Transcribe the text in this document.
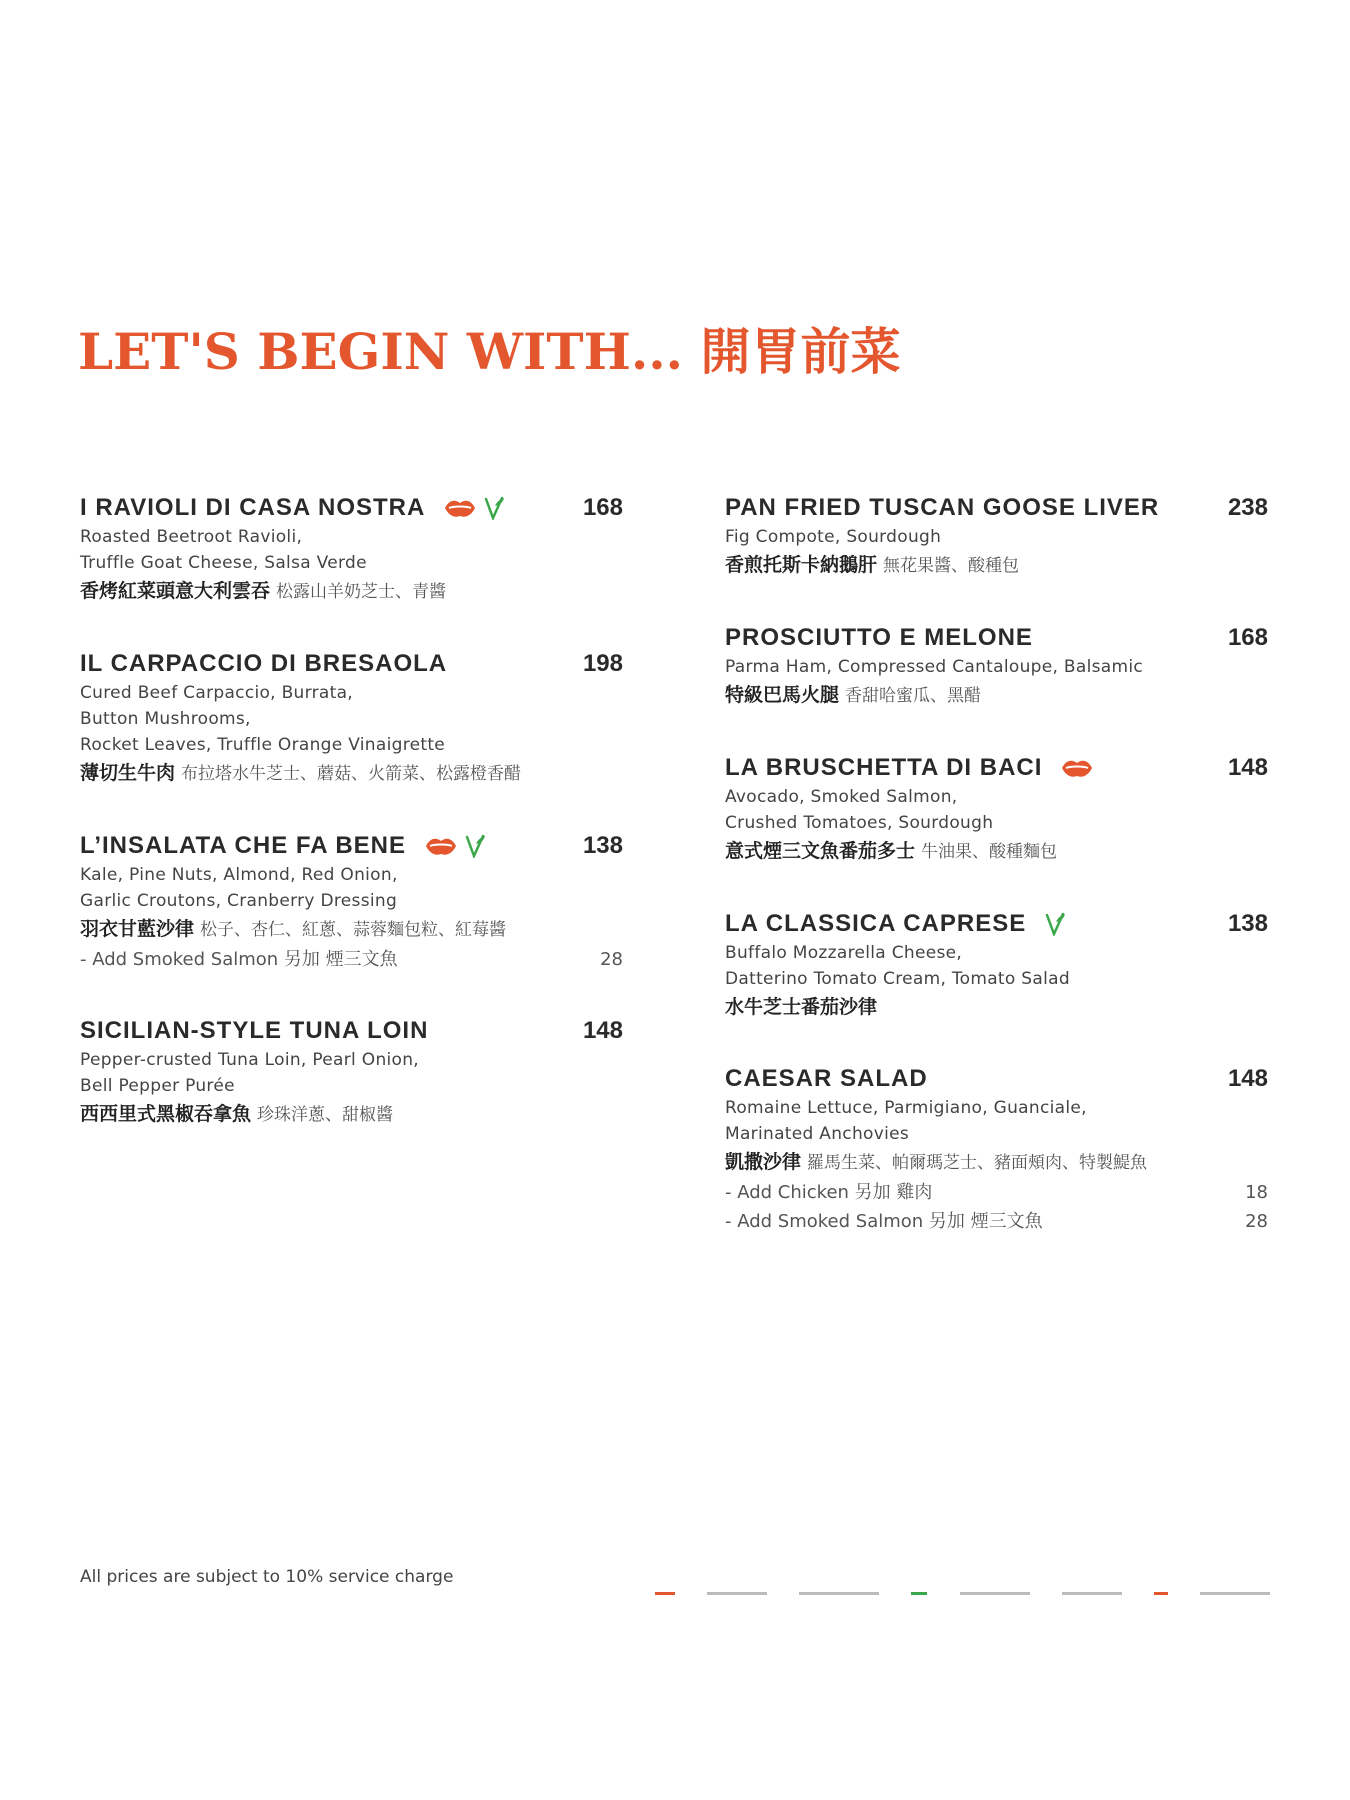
LET'S BEGIN WITH... 開胃前菜
I RAVIOLI DI CASA NOSTRA	168
Roasted Beetroot Ravioli,
Truffle Goat Cheese, Salsa Verde
香烤紅菜頭意大利雲吞 松露山羊奶芝士、青醬
IL CARPACCIO DI BRESAOLA	198
Cured Beef Carpaccio, Burrata,
Button Mushrooms,
Rocket Leaves, Truffle Orange Vinaigrette
薄切生牛肉 布拉塔水牛芝士、蘑菇、火箭菜、松露橙香醋
L’INSALATA CHE FA BENE	138
Kale, Pine Nuts, Almond, Red Onion,
Garlic Croutons, Cranberry Dressing
羽衣甘藍沙律 松子、杏仁、紅蔥、蒜蓉麵包粒、紅莓醬
- Add Smoked Salmon 另加 煙三文魚	28
SICILIAN-STYLE TUNA LOIN	148
Pepper-crusted Tuna Loin, Pearl Onion,
Bell Pepper Purée
西西里式黑椒吞拿魚 珍珠洋蔥、甜椒醬
PAN FRIED TUSCAN GOOSE LIVER	238
Fig Compote, Sourdough
香煎托斯卡納鵝肝 無花果醬、酸種包
PROSCIUTTO E MELONE	168
Parma Ham, Compressed Cantaloupe, Balsamic
特級巴馬火腿 香甜哈蜜瓜、黑醋
LA BRUSCHETTA DI BACI	148
Avocado, Smoked Salmon,
Crushed Tomatoes, Sourdough
意式煙三文魚番茄多士 牛油果、酸種麵包
LA CLASSICA CAPRESE	138
Buffalo Mozzarella Cheese,
Datterino Tomato Cream, Tomato Salad
水牛芝士番茄沙律
CAESAR SALAD	148
Romaine Lettuce, Parmigiano, Guanciale,
Marinated Anchovies
凱撒沙律 羅馬生菜、帕爾瑪芝士、豬面頰肉、特製鯷魚
- Add Chicken 另加 雞肉	18
- Add Smoked Salmon 另加 煙三文魚	28
All prices are subject to 10% service charge
